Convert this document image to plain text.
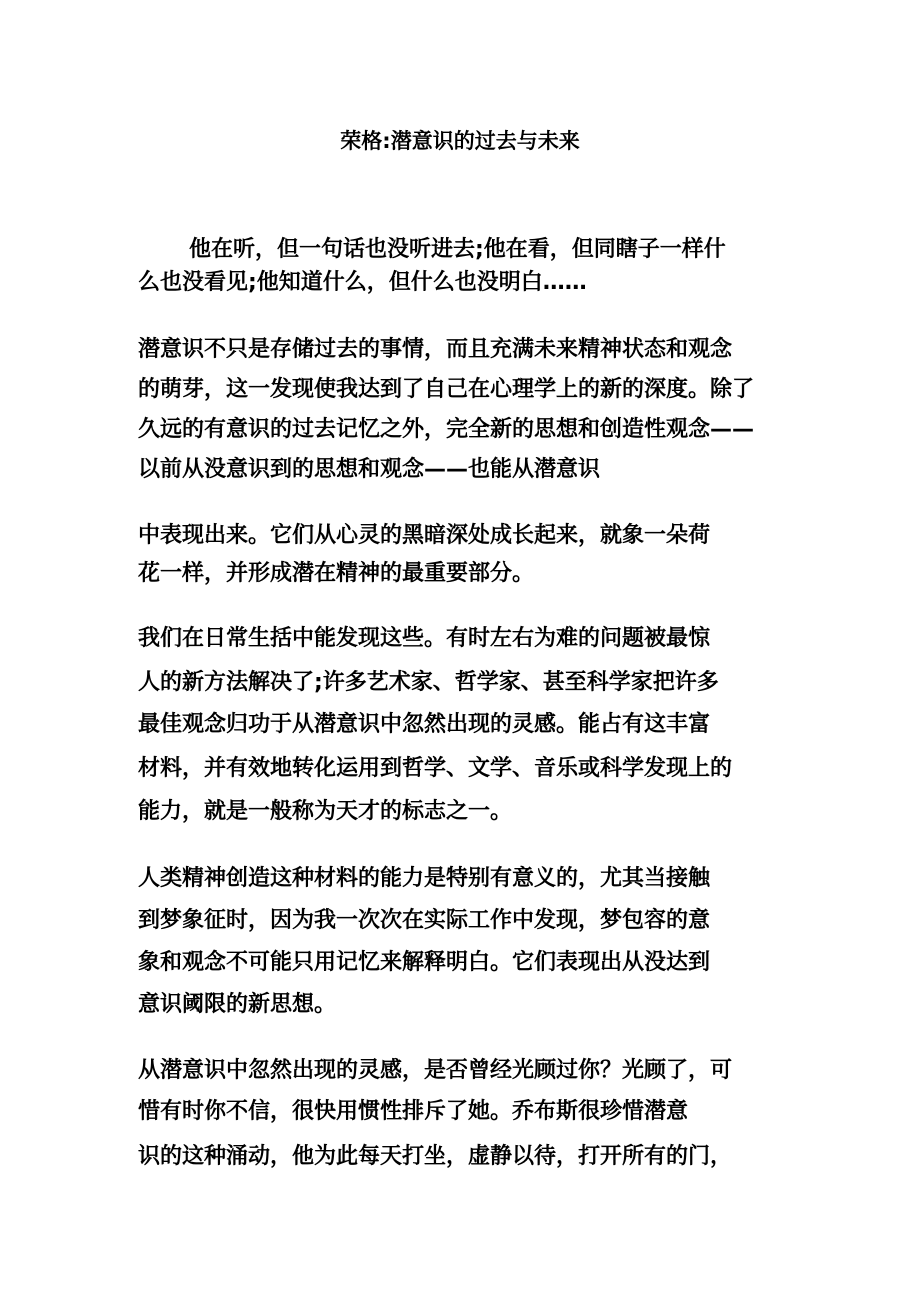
荣格:潜意识的过去与未来

他在听，但一句话也没听进去;他在看，但同瞎子一样什

么也没看见;他知道什么，但什么也没明白……

潜意识不只是存储过去的事情，而且充满未来精神状态和观念

的萌芽，这一发现使我达到了自己在心理学上的新的深度。除了

久远的有意识的过去记忆之外，完全新的思想和创造性观念——

以前从没意识到的思想和观念——也能从潜意识

中表现出来。它们从心灵的黑暗深处成长起来，就象一朵荷

花一样，并形成潜在精神的最重要部分。

我们在日常生括中能发现这些。有时左右为难的问题被最惊

人的新方法解决了;许多艺术家、哲学家、甚至科学家把许多

最佳观念归功于从潜意识中忽然出现的灵感。能占有这丰富

材料，并有效地转化运用到哲学、文学、音乐或科学发现上的

能力，就是一般称为天才的标志之一。

人类精神创造这种材料的能力是特别有意义的，尤其当接触

到梦象征时，因为我一次次在实际工作中发现，梦包容的意

象和观念不可能只用记忆来解释明白。它们表现出从没达到

意识阈限的新思想。

从潜意识中忽然出现的灵感，是否曾经光顾过你？光顾了，可

惜有时你不信，很快用惯性排斥了她。乔布斯很珍惜潜意

识的这种涌动，他为此每天打坐，虚静以待，打开所有的门，
